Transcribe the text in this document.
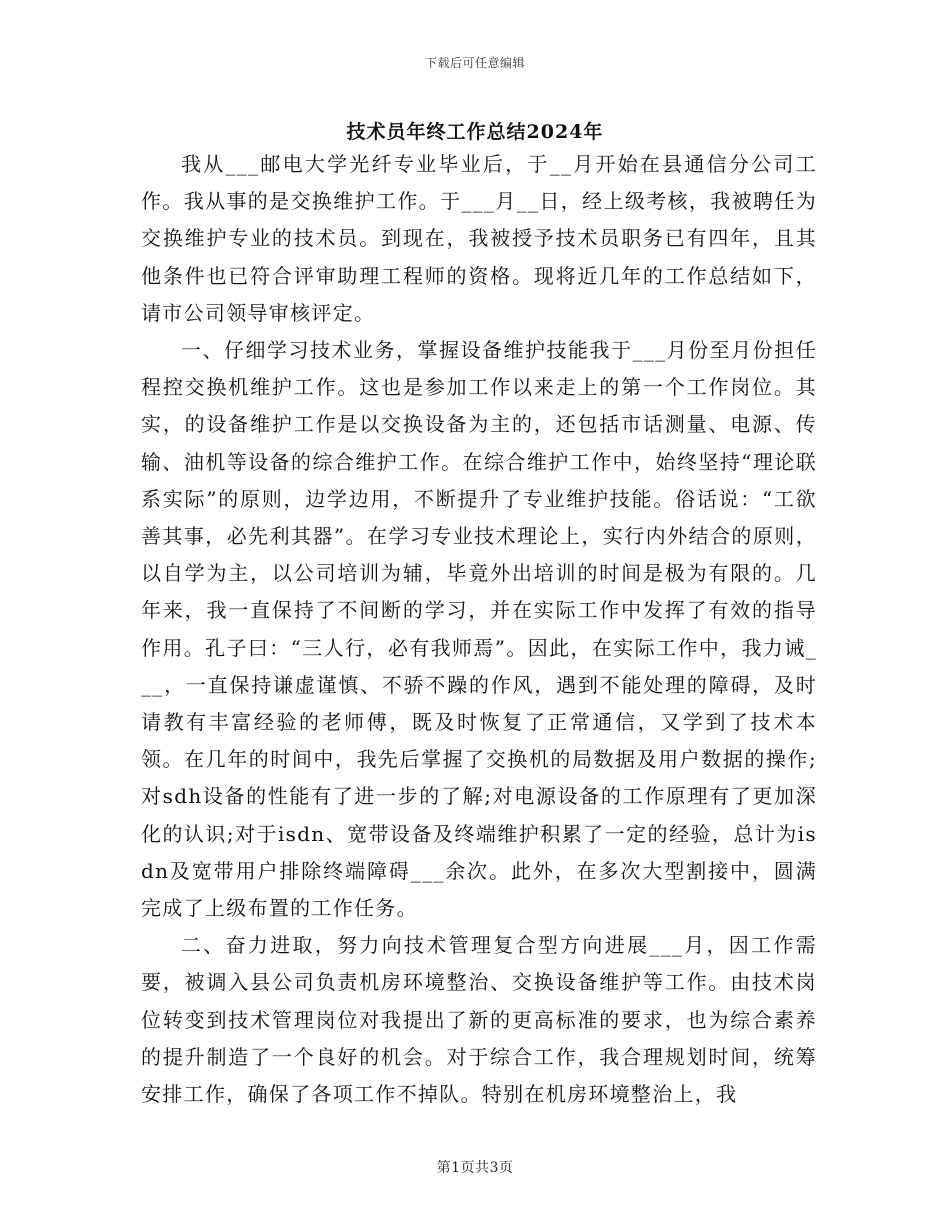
下载后可任意编辑
技术员年终工作总结2024年

我从___邮电大学光纤专业毕业后，于__月开始在县通信分公司工作。我从事的是交换维护工作。于___月__日，经上级考核，我被聘任为交换维护专业的技术员。到现在，我被授予技术员职务已有四年，且其他条件也已符合评审助理工程师的资格。现将近几年的工作总结如下，请市公司领导审核评定。

一、仔细学习技术业务，掌握设备维护技能我于___月份至月份担任程控交换机维护工作。这也是参加工作以来走上的第一个工作岗位。其实，的设备维护工作是以交换设备为主的，还包括市话测量、电源、传输、油机等设备的综合维护工作。在综合维护工作中，始终坚持“理论联系实际”的原则，边学边用，不断提升了专业维护技能。俗话说：“工欲善其事，必先利其器”。在学习专业技术理论上，实行内外结合的原则，以自学为主，以公司培训为辅，毕竟外出培训的时间是极为有限的。几年来，我一直保持了不间断的学习，并在实际工作中发挥了有效的指导作用。孔子曰：“三人行，必有我师焉”。因此，在实际工作中，我力诫___，一直保持谦虚谨慎、不骄不躁的作风，遇到不能处理的障碍，及时请教有丰富经验的老师傅，既及时恢复了正常通信，又学到了技术本领。在几年的时间中，我先后掌握了交换机的局数据及用户数据的操作;对sdh设备的性能有了进一步的了解;对电源设备的工作原理有了更加深化的认识;对于isdn、宽带设备及终端维护积累了一定的经验，总计为isdn及宽带用户排除终端障碍___余次。此外，在多次大型割接中，圆满完成了上级布置的工作任务。

二、奋力进取，努力向技术管理复合型方向进展___月，因工作需要，被调入县公司负责机房环境整治、交换设备维护等工作。由技术岗位转变到技术管理岗位对我提出了新的更高标准的要求，也为综合素养的提升制造了一个良好的机会。对于综合工作，我合理规划时间，统筹安排工作，确保了各项工作不掉队。特别在机房环境整治上，我

第1页共3页
